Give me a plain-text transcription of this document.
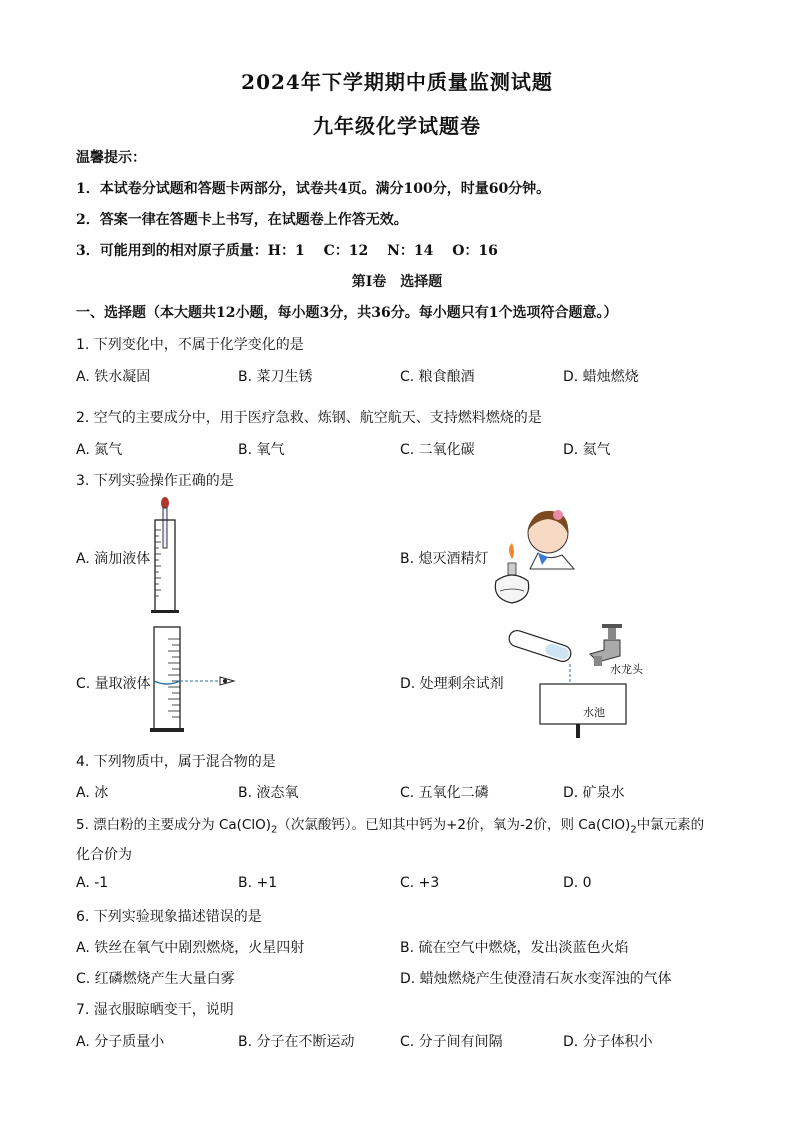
2024年下学期期中质量监测试题
九年级化学试题卷
温馨提示：
1．本试卷分试题和答题卡两部分，试卷共4页。满分100分，时量60分钟。
2．答案一律在答题卡上书写，在试题卷上作答无效。
3．可能用到的相对原子质量：H：1　 C：12　 N：14　 O：16
第Ⅰ卷　选择题
一、选择题（本大题共12小题，每小题3分，共36分。每小题只有1个选项符合题意。）
1. 下列变化中，不属于化学变化的是
A. 铁水凝固	B. 菜刀生锈	C. 粮食酿酒	D. 蜡烛燃烧
2. 空气的主要成分中，用于医疗急救、炼钢、航空航天、支持燃料燃烧的是
A. 氮气	B. 氧气	C. 二氧化碳	D. 氦气
3. 下列实验操作正确的是
A. 滴加液体	B. 熄灭酒精灯
C. 量取液体
水龙头
水池
D. 处理剩余试剂
4. 下列物质中，属于混合物的是
A. 冰	B. 液态氧	C. 五氧化二磷	D. 矿泉水
5. 漂白粉的主要成分为 $Ca(ClO)_2$（次氯酸钙）。已知其中钙为+2价，氧为-2价，则 $Ca(ClO)_2$中氯元素的
化合价为
A. -1	B. +1	C. +3	D. 0
6. 下列实验现象描述错误的是
A. 铁丝在氧气中剧烈燃烧，火星四射	B. 硫在空气中燃烧，发出淡蓝色火焰
C. 红磷燃烧产生大量白雾	D. 蜡烛燃烧产生使澄清石灰水变浑浊的气体
7. 湿衣服晾晒变干，说明
A. 分子质量小	B. 分子在不断运动	C. 分子间有间隔	D. 分子体积小
